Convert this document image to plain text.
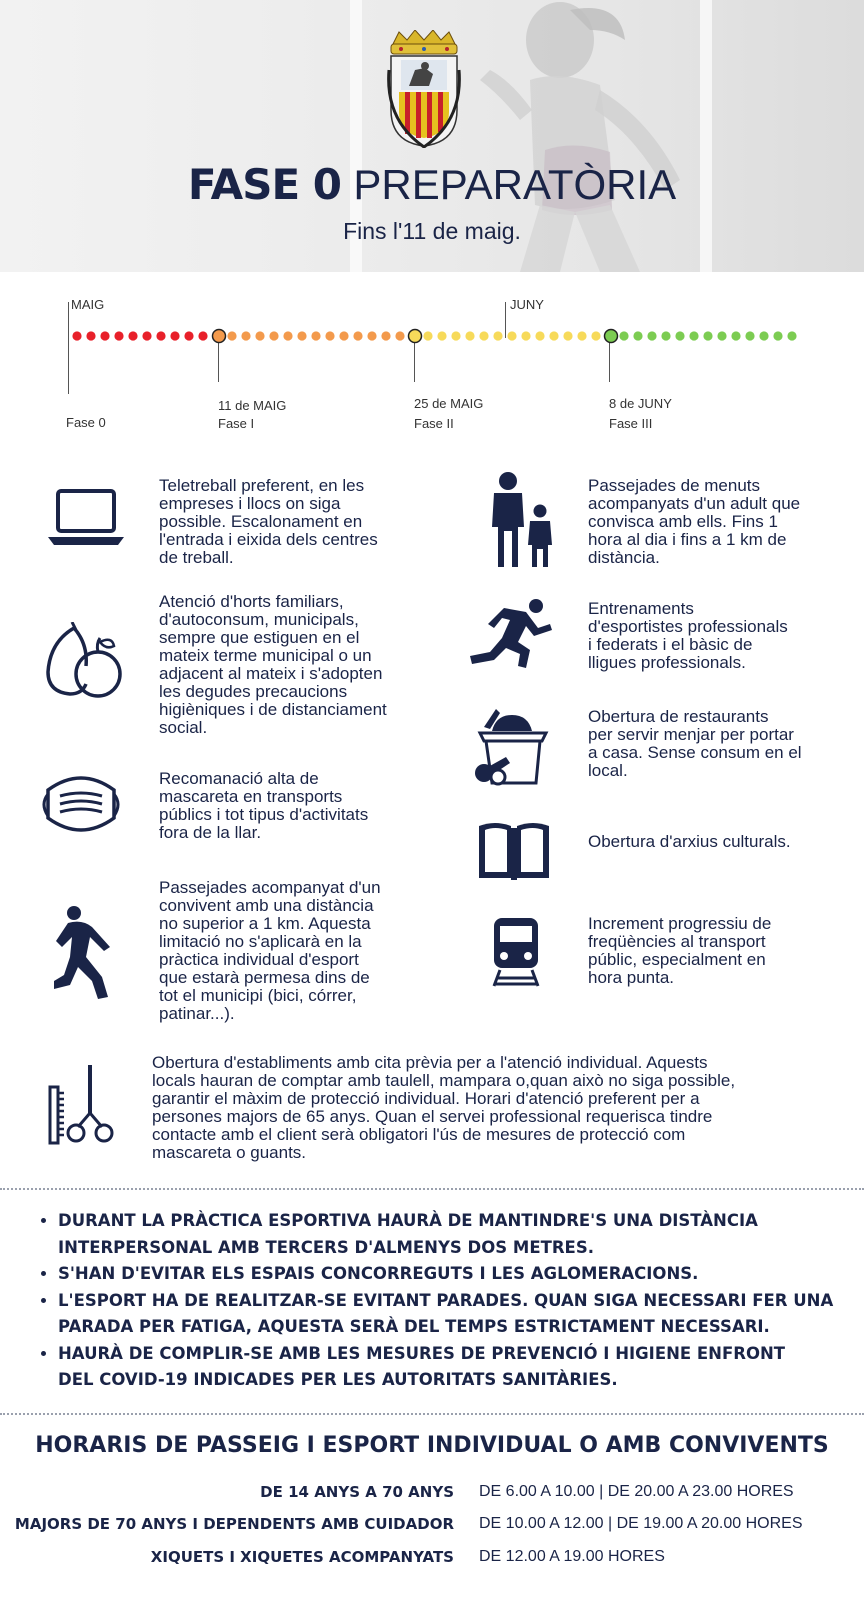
FASE 0 PREPARATÒRIA
Fins l'11 de maig.
MAIG	JUNY
Fase 0
11 de MAIG
Fase I
25 de MAIG
Fase II
8 de JUNY
Fase III
Teletreball preferent, en les
empreses i llocs on siga
possible. Escalonament en
l'entrada i eixida dels centres
de treball.
Atenció d'horts familiars,
d'autoconsum, municipals,
sempre que estiguen en el
mateix terme municipal o un
adjacent al mateix i s'adopten
les degudes precaucions
higièniques i de distanciament
social.
Recomanació alta de
mascareta en transports
públics i tot tipus d'activitats
fora de la llar.
Passejades acompanyat d'un
convivent amb una distància
no superior a 1 km. Aquesta
limitació no s'aplicarà en la
pràctica individual d'esport
que estarà permesa dins de
tot el municipi (bici, córrer,
patinar...).
Passejades de menuts
acompanyats d'un adult que
convisca amb ells. Fins 1
hora al dia i fins a 1 km de
distància.
Entrenaments
d'esportistes professionals
i federats i el bàsic de
lligues professionals.
Obertura de restaurants
per servir menjar per portar
a casa. Sense consum en el
local.
Obertura d'arxius culturals.
Increment progressiu de
freqüències al transport
públic, especialment en
hora punta.
Obertura d'establiments amb cita prèvia per a l'atenció individual. Aquests
locals hauran de comptar amb taulell, mampara o,quan això no siga possible,
garantir el màxim de protecció individual. Horari d'atenció preferent per a
persones majors de 65 anys. Quan el servei professional requerisca tindre
contacte amb el client serà obligatori l'ús de mesures de protecció com
mascareta o guants.
• DURANT LA PRÀCTICA ESPORTIVA HAURÀ DE MANTINDRE'S UNA DISTÀNCIA
INTERPERSONAL AMB TERCERS D'ALMENYS DOS METRES.
• S'HAN D'EVITAR ELS ESPAIS CONCORREGUTS I LES AGLOMERACIONS.
• L'ESPORT HA DE REALITZAR-SE EVITANT PARADES. QUAN SIGA NECESSARI FER UNA
PARADA PER FATIGA, AQUESTA SERÀ DEL TEMPS ESTRICTAMENT NECESSARI.
• HAURÀ DE COMPLIR-SE AMB LES MESURES DE PREVENCIÓ I HIGIENE ENFRONT
DEL COVID-19 INDICADES PER LES AUTORITATS SANITÀRIES.
HORARIS DE PASSEIG I ESPORT INDIVIDUAL O AMB CONVIVENTS
DE 14 ANYS A 70 ANYS DE 6.00 A 10.00 | DE 20.00 A 23.00 HORES
MAJORS DE 70 ANYS I DEPENDENTS AMB CUIDADOR DE 10.00 A 12.00 | DE 19.00 A 20.00 HORES
XIQUETS I XIQUETES ACOMPANYATS DE 12.00 A 19.00 HORES
